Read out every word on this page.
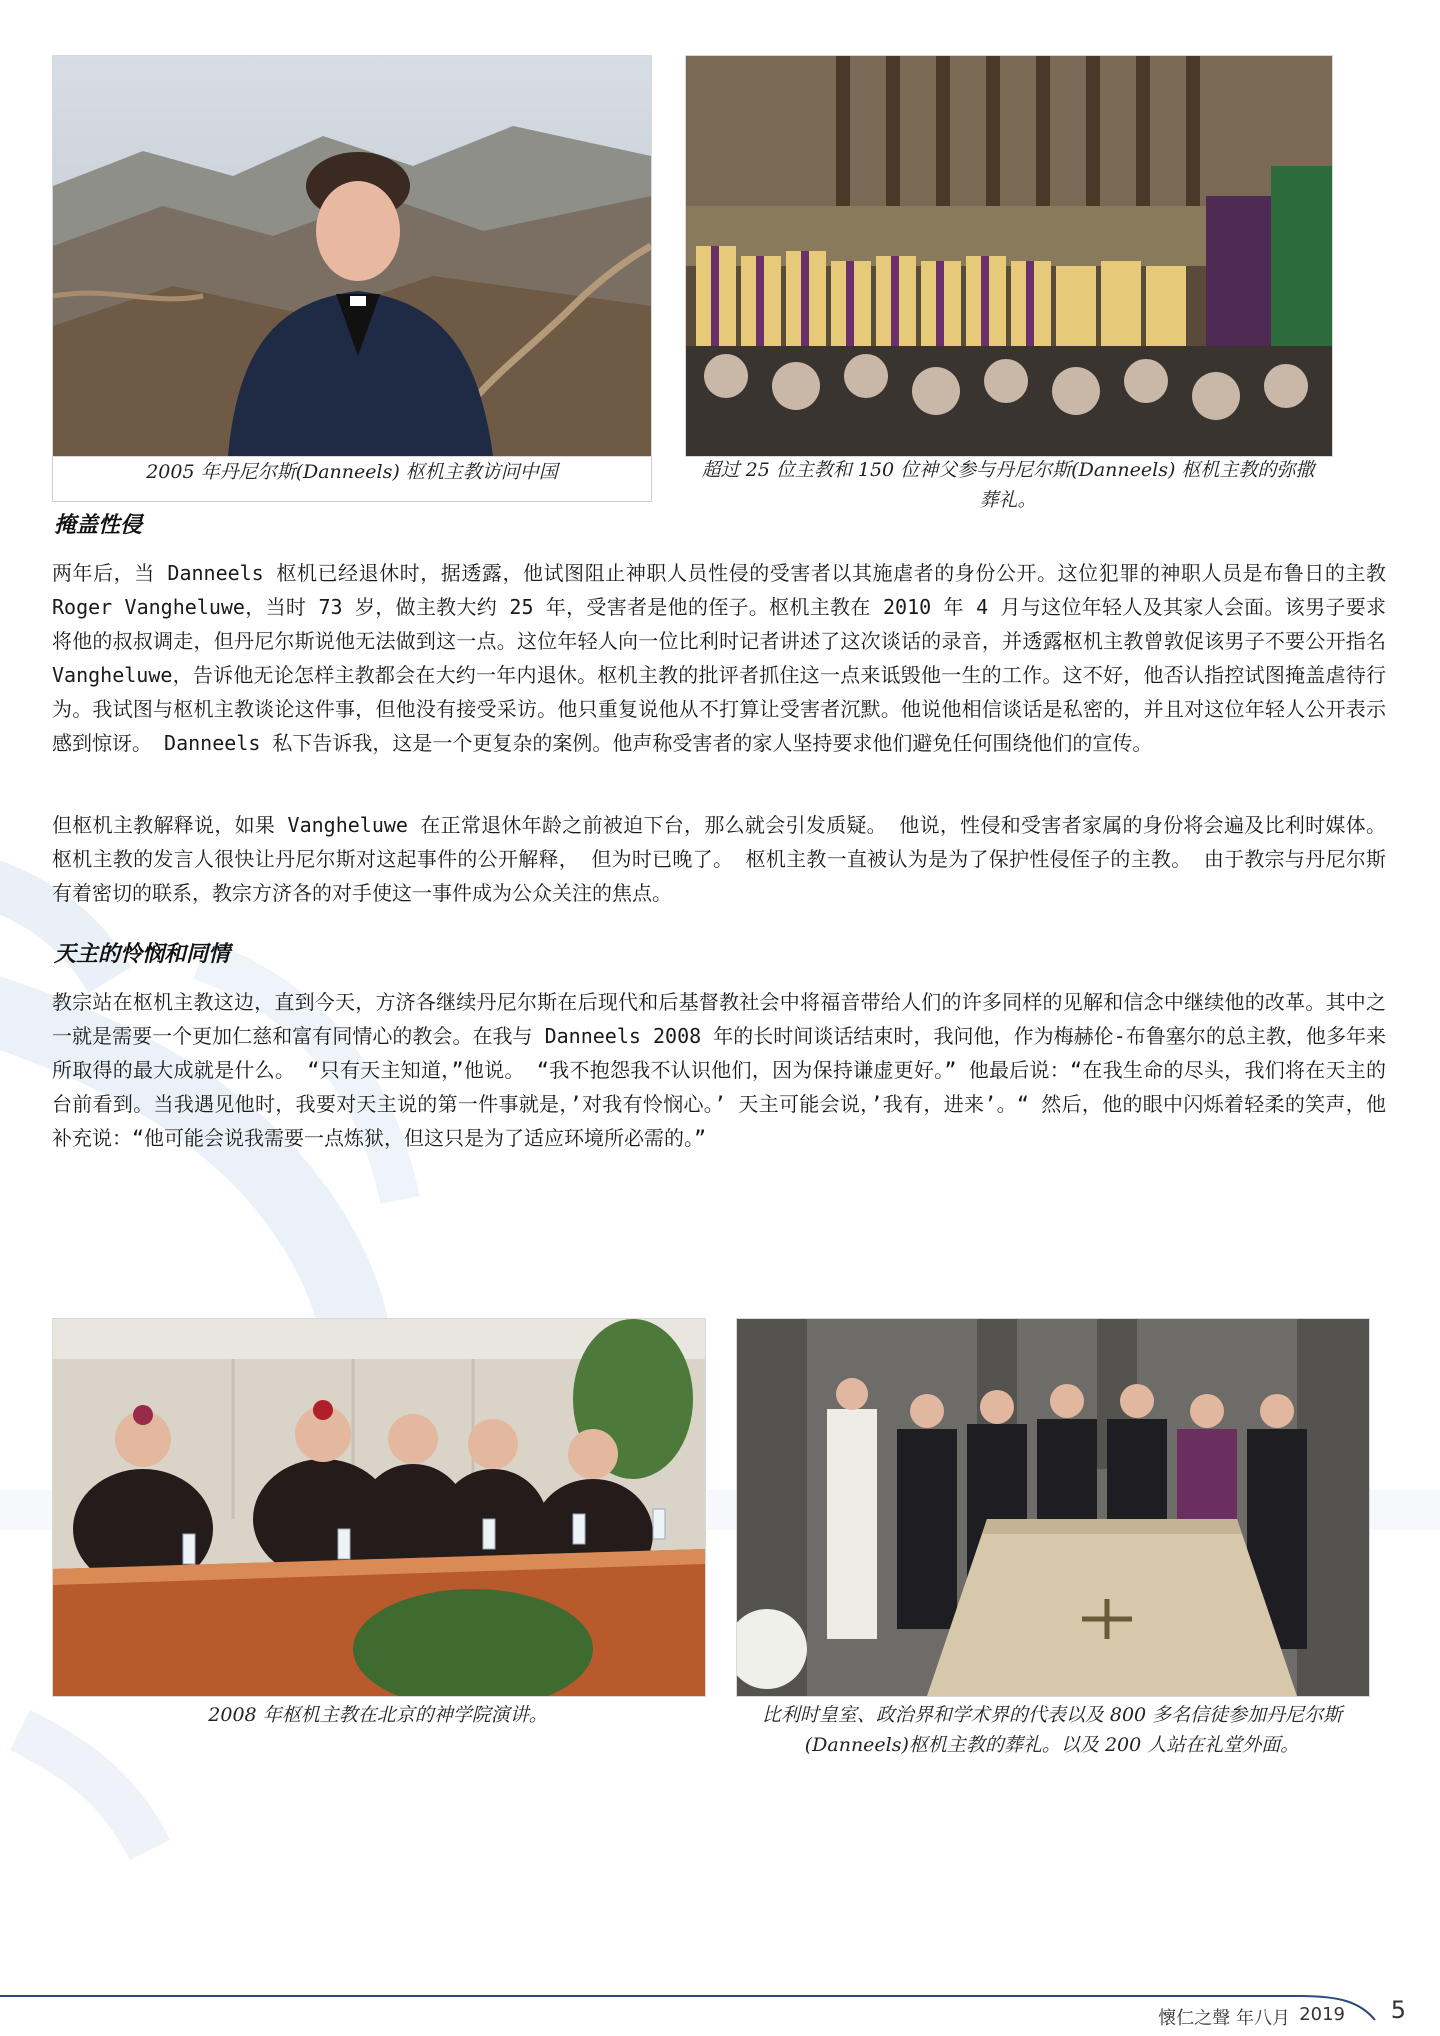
2005 年丹尼尔斯(Danneels) 枢机主教访问中国	超过 25 位主教和 150 位神父参与丹尼尔斯(Danneels) 枢机主教的弥撒
葬礼。
掩盖性侵

两年后，当 Danneels 枢机已经退休时，据透露，他试图阻止神职人员性侵的受害者以其施虐者的身份公开。这位犯罪的神职人员是布鲁日的主教 Roger Vangheluwe，当时 73 岁，做主教大约 25 年，受害者是他的侄子。枢机主教在 2010 年 4 月与这位年轻人及其家人会面。该男子要求将他的叔叔调走，但丹尼尔斯说他无法做到这一点。这位年轻人向一位比利时记者讲述了这次谈话的录音，并透露枢机主教曾敦促该男子不要公开指名 Vangheluwe，告诉他无论怎样主教都会在大约一年内退休。枢机主教的批评者抓住这一点来诋毁他一生的工作。这不好，他否认指控试图掩盖虐待行为。我试图与枢机主教谈论这件事，但他没有接受采访。他只重复说他从不打算让受害者沉默。他说他相信谈话是私密的，并且对这位年轻人公开表示感到惊讶。 Danneels 私下告诉我，这是一个更复杂的案例。他声称受害者的家人坚持要求他们避免任何围绕他们的宣传。

但枢机主教解释说，如果 Vangheluwe 在正常退休年龄之前被迫下台，那么就会引发质疑。 他说，性侵和受害者家属的身份将会遍及比利时媒体。 枢机主教的发言人很快让丹尼尔斯对这起事件的公开解释， 但为时已晚了。 枢机主教一直被认为是为了保护性侵侄子的主教。 由于教宗与丹尼尔斯有着密切的联系，教宗方济各的对手使这一事件成为公众关注的焦点。

天主的怜悯和同情

教宗站在枢机主教这边，直到今天，方济各继续丹尼尔斯在后现代和后基督教社会中将福音带给人们的许多同样的见解和信念中继续他的改革。其中之一就是需要一个更加仁慈和富有同情心的教会。在我与 Danneels 2008 年的长时间谈话结束时，我问他，作为梅赫伦-布鲁塞尔的总主教，他多年来所取得的最大成就是什么。 “只有天主知道，”他说。 “我不抱怨我不认识他们，因为保持谦虚更好。” 他最后说：“在我生命的尽头，我们将在天主的台前看到。当我遇见他时，我要对天主说的第一件事就是，’对我有怜悯心。’ 天主可能会说，’我有，进来’。“ 然后，他的眼中闪烁着轻柔的笑声，他补充说：“他可能会说我需要一点炼狱，但这只是为了适应环境所必需的。”

2008 年枢机主教在北京的神学院演讲。	比利时皇室、政治界和学术界的代表以及 800 多名信徒参加丹尼尔斯
(Danneels)枢机主教的葬礼。以及 200 人站在礼堂外面。
懷仁之聲 年八月 2019 5
